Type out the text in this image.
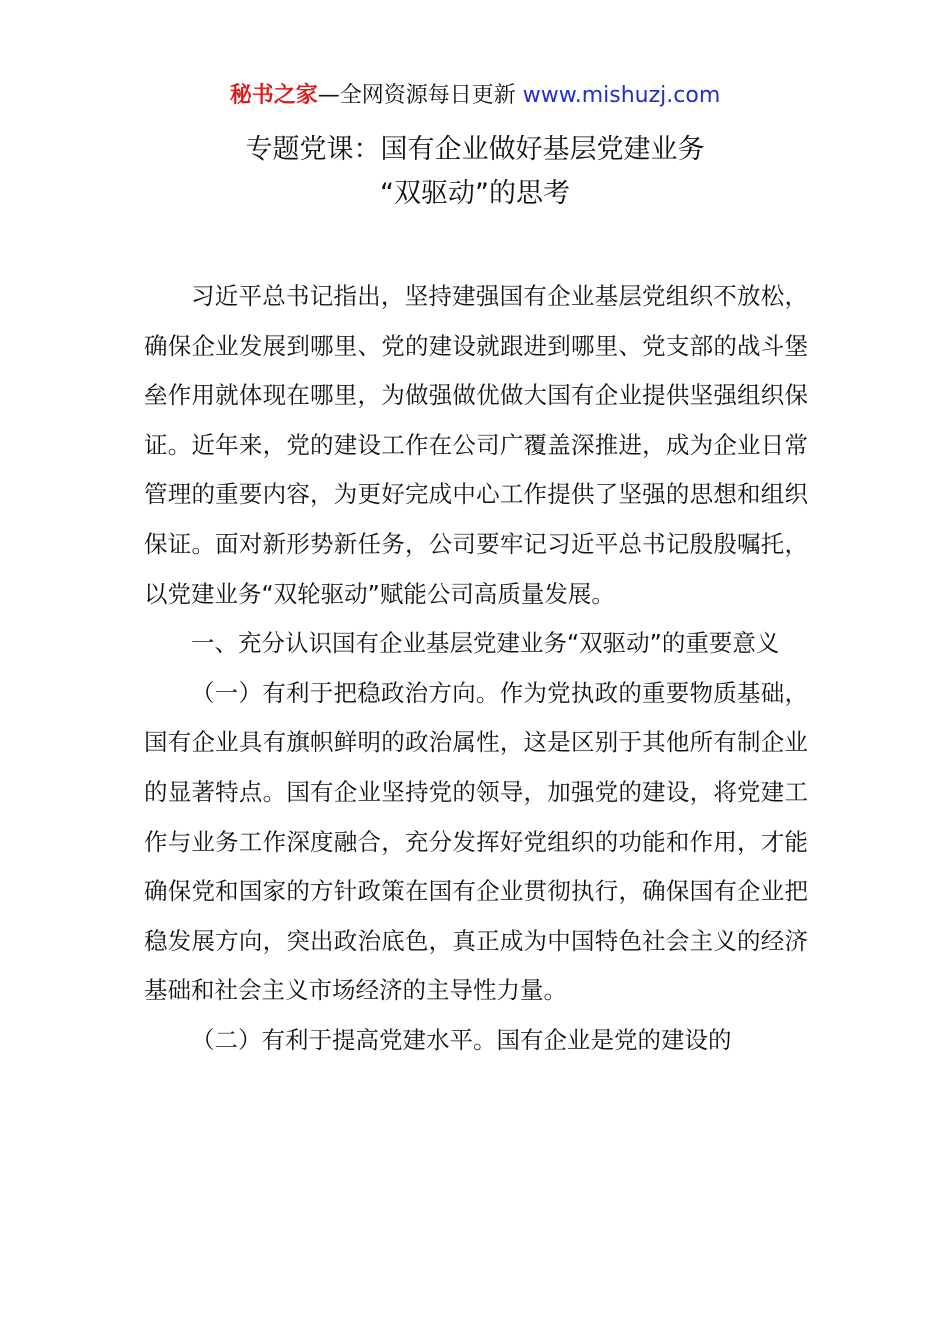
秘书之家—全网资源每日更新 www.mishuzj.com
专题党课：国有企业做好基层党建业务
“双驱动”的思考

习近平总书记指出，坚持建强国有企业基层党组织不放松，确保企业发展到哪里、党的建设就跟进到哪里、党支部的战斗堡垒作用就体现在哪里，为做强做优做大国有企业提供坚强组织保证。近年来，党的建设工作在公司广覆盖深推进，成为企业日常管理的重要内容，为更好完成中心工作提供了坚强的思想和组织保证。面对新形势新任务，公司要牢记习近平总书记殷殷嘱托，以党建业务“双轮驱动”赋能公司高质量发展。

一、充分认识国有企业基层党建业务“双驱动”的重要意义

（一）有利于把稳政治方向。作为党执政的重要物质基础，国有企业具有旗帜鲜明的政治属性，这是区别于其他所有制企业的显著特点。国有企业坚持党的领导，加强党的建设，将党建工作与业务工作深度融合，充分发挥好党组织的功能和作用，才能确保党和国家的方针政策在国有企业贯彻执行，确保国有企业把稳发展方向，突出政治底色，真正成为中国特色社会主义的经济基础和社会主义市场经济的主导性力量。

（二）有利于提高党建水平。国有企业是党的建设的
